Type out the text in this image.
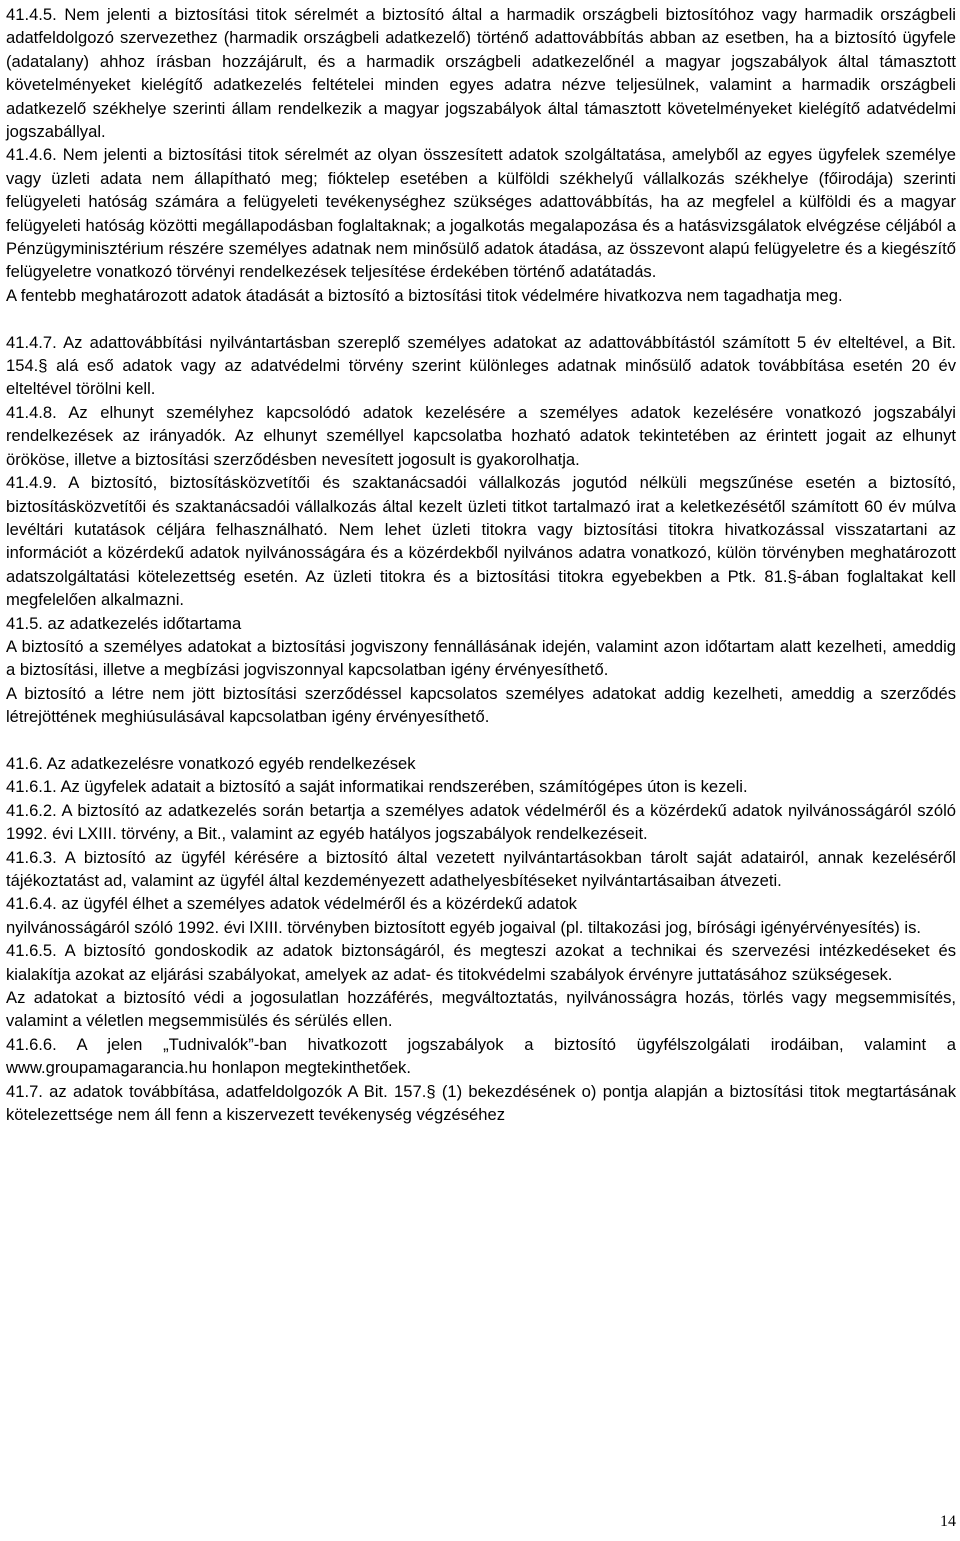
41.4.5. Nem jelenti a biztosítási titok sérelmét a biztosító által a harmadik országbeli biztosítóhoz vagy harmadik országbeli adatfeldolgozó szervezethez (harmadik országbeli adatkezelő) történő adattovábbítás abban az esetben, ha a biztosító ügyfele (adatalany) ahhoz írásban hozzájárult, és a harmadik országbeli adatkezelőnél a magyar jogszabályok által támasztott követelményeket kielégítő adatkezelés feltételei minden egyes adatra nézve teljesülnek, valamint a harmadik országbeli adatkezelő székhelye szerinti állam rendelkezik a magyar jogszabályok által támasztott követelményeket kielégítő adatvédelmi jogszabállyal.

41.4.6. Nem jelenti a biztosítási titok sérelmét az olyan összesített adatok szolgáltatása, amelyből az egyes ügyfelek személye vagy üzleti adata nem állapítható meg; fióktelep esetében a külföldi székhelyű vállalkozás székhelye (főirodája) szerinti felügyeleti hatóság számára a felügyeleti tevékenységhez szükséges adattovábbítás, ha az megfelel a külföldi és a magyar felügyeleti hatóság közötti megállapodásban foglaltaknak; a jogalkotás megalapozása és a hatásvizsgálatok elvégzése céljából a Pénzügyminisztérium részére személyes adatnak nem minősülő adatok átadása, az összevont alapú felügyeletre és a kiegészítő felügyeletre vonatkozó törvényi rendelkezések teljesítése érdekében történő adatátadás.

A fentebb meghatározott adatok átadását a biztosító a biztosítási titok védelmére hivatkozva nem tagadhatja meg.

41.4.7. Az adattovábbítási nyilvántartásban szereplő személyes adatokat az adattovábbítástól számított 5 év elteltével, a Bit. 154.§ alá eső adatok vagy az adatvédelmi törvény szerint különleges adatnak minősülő adatok továbbítása esetén 20 év elteltével törölni kell.

41.4.8. Az elhunyt személyhez kapcsolódó adatok kezelésére a személyes adatok kezelésére vonatkozó jogszabályi rendelkezések az irányadók. Az elhunyt személlyel kapcsolatba hozható adatok tekintetében az érintett jogait az elhunyt örököse, illetve a biztosítási szerződésben nevesített jogosult is gyakorolhatja.

41.4.9. A biztosító, biztosításközvetítői és szaktanácsadói vállalkozás jogutód nélküli megszűnése esetén a biztosító, biztosításközvetítői és szaktanácsadói vállalkozás által kezelt üzleti titkot tartalmazó irat a keletkezésétől számított 60 év múlva levéltári kutatások céljára felhasználható. Nem lehet üzleti titokra vagy biztosítási titokra hivatkozással visszatartani az információt a közérdekű adatok nyilvánosságára és a közérdekből nyilvános adatra vonatkozó, külön törvényben meghatározott adatszolgáltatási kötelezettség esetén. Az üzleti titokra és a biztosítási titokra egyebekben a Ptk. 81.§-ában foglaltakat kell megfelelően alkalmazni.

41.5. az adatkezelés időtartama

A biztosító a személyes adatokat a biztosítási jogviszony fennállásának idején, valamint azon időtartam alatt kezelheti, ameddig a biztosítási, illetve a megbízási jogviszonnyal kapcsolatban igény érvényesíthető.

A biztosító a létre nem jött biztosítási szerződéssel kapcsolatos személyes adatokat addig kezelheti, ameddig a szerződés létrejöttének meghiúsulásával kapcsolatban igény érvényesíthető.

41.6. Az adatkezelésre vonatkozó egyéb rendelkezések

41.6.1. Az ügyfelek adatait a biztosító a saját informatikai rendszerében, számítógépes úton is kezeli.

41.6.2. A biztosító az adatkezelés során betartja a személyes adatok védelméről és a közérdekű adatok nyilvánosságáról szóló 1992. évi LXIII. törvény, a Bit., valamint az egyéb hatályos jogszabályok rendelkezéseit.

41.6.3. A biztosító az ügyfél kérésére a biztosító által vezetett nyilvántartásokban tárolt saját adatairól, annak kezeléséről tájékoztatást ad, valamint az ügyfél által kezdeményezett adathelyesbítéseket nyilvántartásaiban átvezeti.

41.6.4. az ügyfél élhet a személyes adatok védelméről és a közérdekű adatok

nyilvánosságáról szóló 1992. évi lXIII. törvényben biztosított egyéb jogaival (pl. tiltakozási jog, bírósági igényérvényesítés) is.

41.6.5. A biztosító gondoskodik az adatok biztonságáról, és megteszi azokat a technikai és szervezési intézkedéseket és kialakítja azokat az eljárási szabályokat, amelyek az adat- és titokvédelmi szabályok érvényre juttatásához szükségesek.

Az adatokat a biztosító védi a jogosulatlan hozzáférés, megváltoztatás, nyilvánosságra hozás, törlés vagy megsemmisítés, valamint a véletlen megsemmisülés és sérülés ellen.

41.6.6. A jelen „Tudnivalók”-ban hivatkozott jogszabályok a biztosító ügyfélszolgálati irodáiban, valamint a www.groupamagarancia.hu honlapon megtekinthetőek.

41.7. az adatok továbbítása, adatfeldolgozók A Bit. 157.§ (1) bekezdésének o) pontja alapján a biztosítási titok megtartásának kötelezettsége nem áll fenn a kiszervezett tevékenység végzéséhez

14
